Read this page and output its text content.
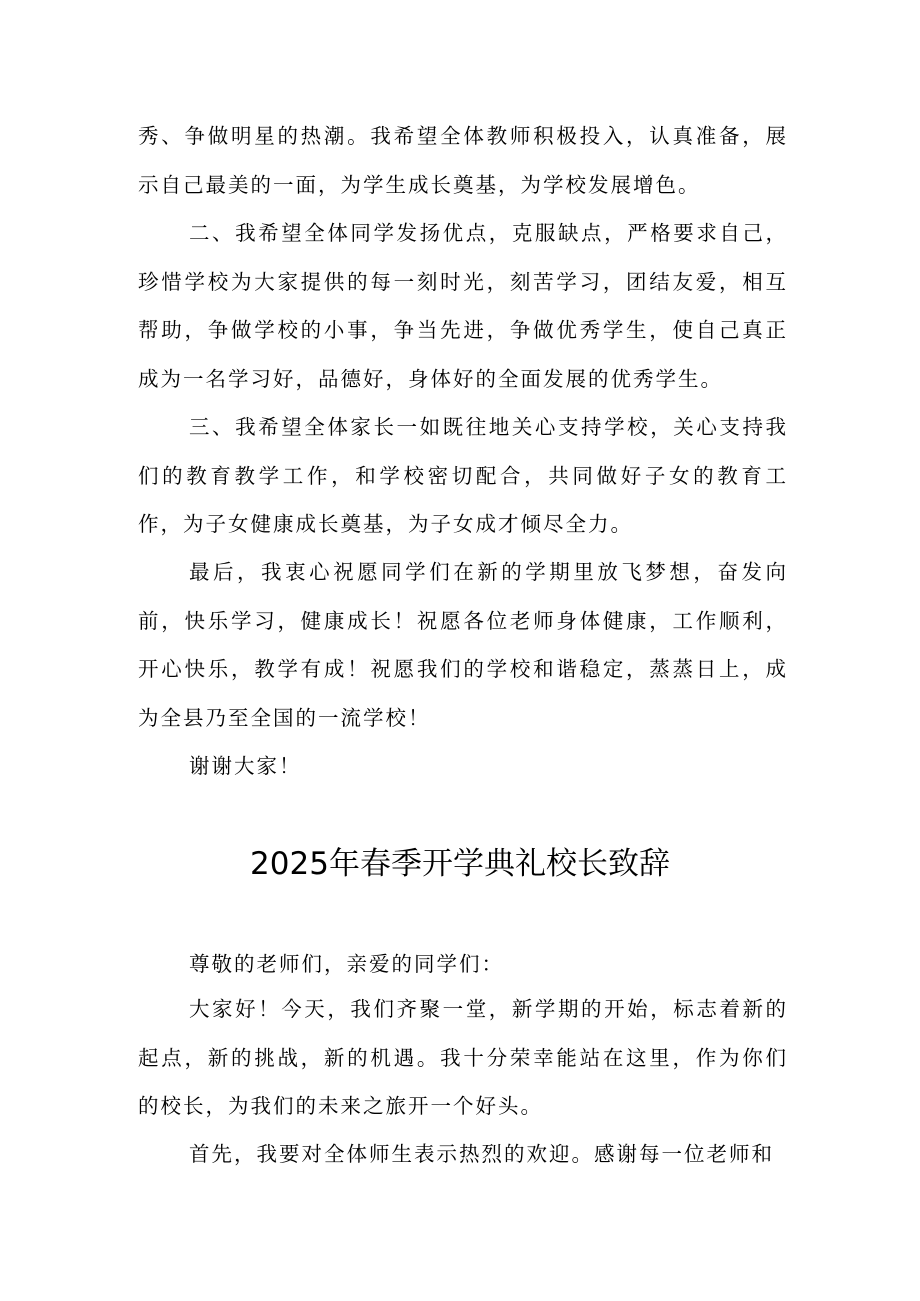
秀、争做明星的热潮。我希望全体教师积极投入，认真准备，展示自己最美的一面，为学生成长奠基，为学校发展增色。

二、我希望全体同学发扬优点，克服缺点，严格要求自己，珍惜学校为大家提供的每一刻时光，刻苦学习，团结友爱，相互帮助，争做学校的小事，争当先进，争做优秀学生，使自己真正成为一名学习好，品德好，身体好的全面发展的优秀学生。

三、我希望全体家长一如既往地关心支持学校，关心支持我们的教育教学工作，和学校密切配合，共同做好子女的教育工作，为子女健康成长奠基，为子女成才倾尽全力。

最后，我衷心祝愿同学们在新的学期里放飞梦想，奋发向前，快乐学习，健康成长！祝愿各位老师身体健康，工作顺利，开心快乐，教学有成！祝愿我们的学校和谐稳定，蒸蒸日上，成为全县乃至全国的一流学校！

谢谢大家！

2025年春季开学典礼校长致辞

尊敬的老师们，亲爱的同学们：

大家好！今天，我们齐聚一堂，新学期的开始，标志着新的起点，新的挑战，新的机遇。我十分荣幸能站在这里，作为你们的校长，为我们的未来之旅开一个好头。

首先，我要对全体师生表示热烈的欢迎。感谢每一位老师和
